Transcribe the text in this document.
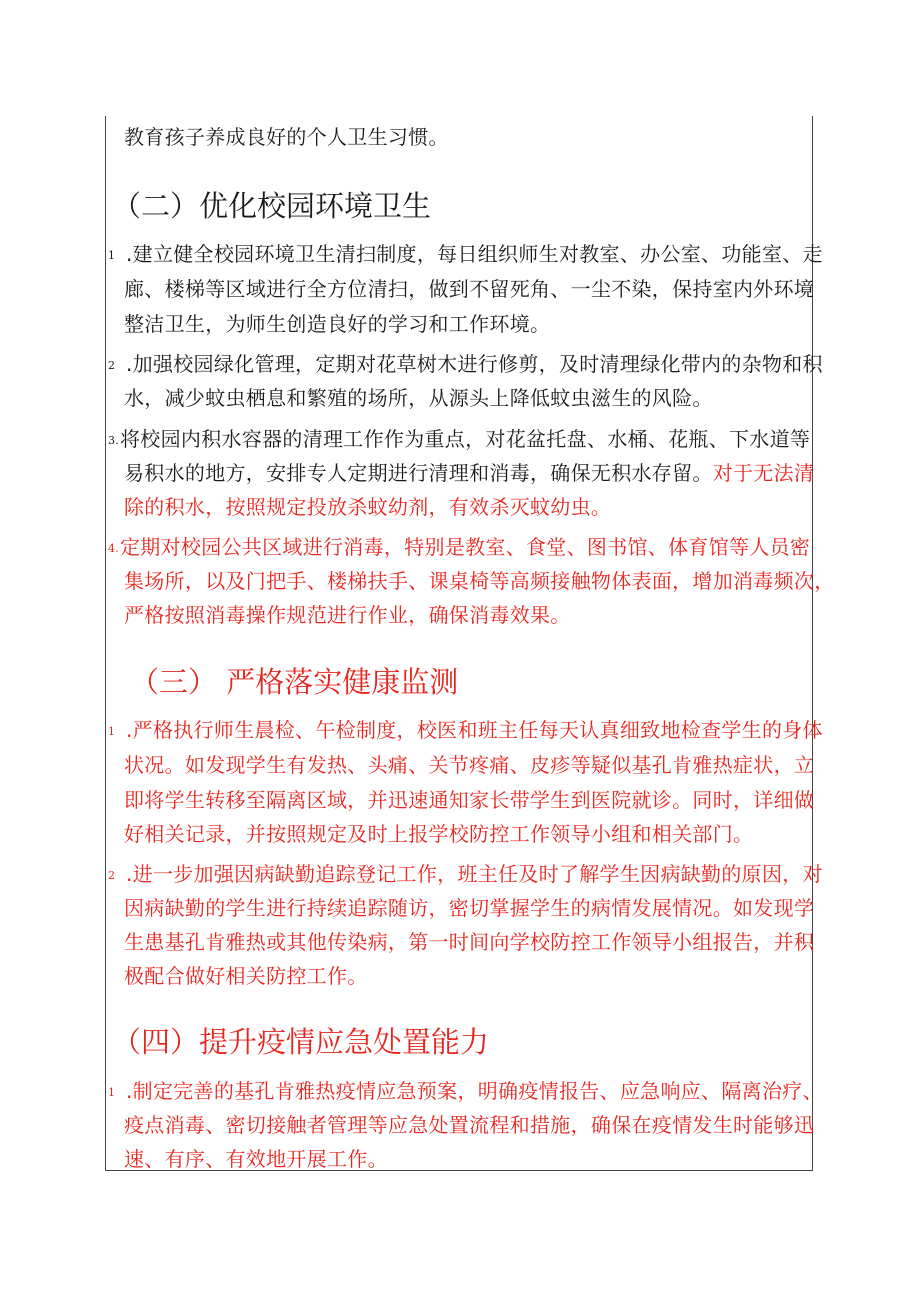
教育孩子养成良好的个人卫生习惯。
（二）优化校园环境卫生
1 .建立健全校园环境卫生清扫制度，每日组织师生对教室、办公室、功能室、走
廊、楼梯等区域进行全方位清扫，做到不留死角、一尘不染，保持室内外环境
整洁卫生，为师生创造良好的学习和工作环境。
2 .加强校园绿化管理，定期对花草树木进行修剪，及时清理绿化带内的杂物和积
水，减少蚊虫栖息和繁殖的场所，从源头上降低蚊虫滋生的风险。
3.将校园内积水容器的清理工作作为重点，对花盆托盘、水桶、花瓶、下水道等
易积水的地方，安排专人定期进行清理和消毒，确保无积水存留。对于无法清
除的积水，按照规定投放杀蚊幼剂，有效杀灭蚊幼虫。
4.定期对校园公共区域进行消毒，特别是教室、食堂、图书馆、体育馆等人员密
集场所，以及门把手、楼梯扶手、课桌椅等高频接触物体表面，增加消毒频次，
严格按照消毒操作规范进行作业，确保消毒效果。
（三） 严格落实健康监测
1 .严格执行师生晨检、午检制度，校医和班主任每天认真细致地检查学生的身体
状况。如发现学生有发热、头痛、关节疼痛、皮疹等疑似基孔肯雅热症状，立
即将学生转移至隔离区域，并迅速通知家长带学生到医院就诊。同时，详细做
好相关记录，并按照规定及时上报学校防控工作领导小组和相关部门。
2 .进一步加强因病缺勤追踪登记工作，班主任及时了解学生因病缺勤的原因，对
因病缺勤的学生进行持续追踪随访，密切掌握学生的病情发展情况。如发现学
生患基孔肯雅热或其他传染病，第一时间向学校防控工作领导小组报告，并积
极配合做好相关防控工作。
（四）提升疫情应急处置能力
1 .制定完善的基孔肯雅热疫情应急预案，明确疫情报告、应急响应、隔离治疗、
疫点消毒、密切接触者管理等应急处置流程和措施，确保在疫情发生时能够迅
速、有序、有效地开展工作。
